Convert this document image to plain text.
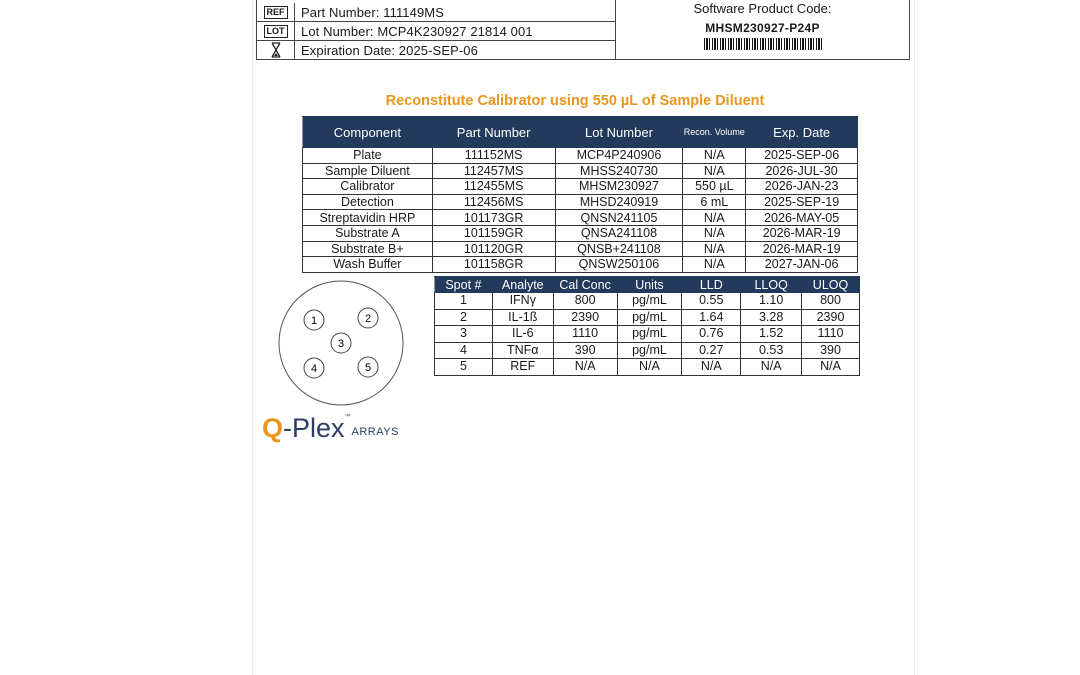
REF	Part Number: 111149MS
LOT	Lot Number: MCP4K230927 21814 001
Expiration Date: 2025-SEP-06
Software Product Code:
MHSM230927-P24P
Reconstitute Calibrator using 550 µL of Sample Diluent
Component	Part Number	Lot Number	Recon. Volume	Exp. Date
Plate	111152MS	MCP4P240906	N/A	2025-SEP-06
Sample Diluent	112457MS	MHSS240730	N/A	2026-JUL-30
Calibrator	112455MS	MHSM230927	550 µL	2026-JAN-23
Detection	112456MS	MHSD240919	6 mL	2025-SEP-19
Streptavidin HRP	101173GR	QNSN241105	N/A	2026-MAY-05
Substrate A	101159GR	QNSA241108	N/A	2026-MAR-19
Substrate B+	101120GR	QNSB+241108	N/A	2026-MAR-19
Wash Buffer	101158GR	QNSW250106	N/A	2027-JAN-06
1	2
3
4	5
Spot #	Analyte	Cal Conc	Units	LLD	LLOQ	ULOQ
1	IFNγ	800	pg/mL	0.55	1.10	800
2	IL-1ß	2390	pg/mL	1.64	3.28	2390
3	IL-6	1110	pg/mL	0.76	1.52	1110
4	TNFα	390	pg/mL	0.27	0.53	390
5	REF	N/A	N/A	N/A	N/A	N/A
Q -Plex ™
ARRAYS
